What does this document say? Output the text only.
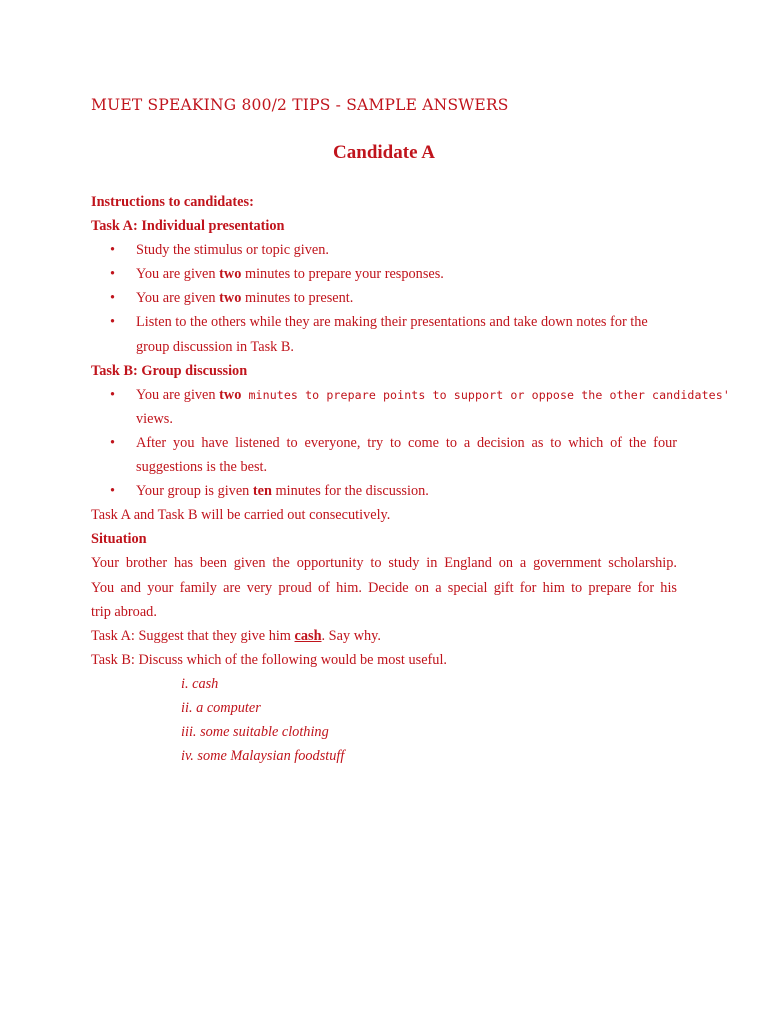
MUET SPEAKING 800/2 TIPS - SAMPLE ANSWERS
Candidate A
Instructions to candidates:
Task A: Individual presentation
• Study the stimulus or topic given.
• You are given two minutes to prepare your responses.
• You are given two minutes to present.
• Listen to the others while they are making their presentations and take down notes for the
group discussion in Task B.
Task B: Group discussion
• You are given two minutes to prepare points to support or oppose the other candidates'
views.
• After you have listened to everyone, try to come to a decision as to which of the four
suggestions is the best.
• Your group is given ten minutes for the discussion.
Task A and Task B will be carried out consecutively.
Situation
Your brother has been given the opportunity to study in England on a government scholarship.
You and your family are very proud of him. Decide on a special gift for him to prepare for his
trip abroad.
Task A: Suggest that they give him cash. Say why.
Task B: Discuss which of the following would be most useful.
i. cash
ii. a computer
iii. some suitable clothing
iv. some Malaysian foodstuff
